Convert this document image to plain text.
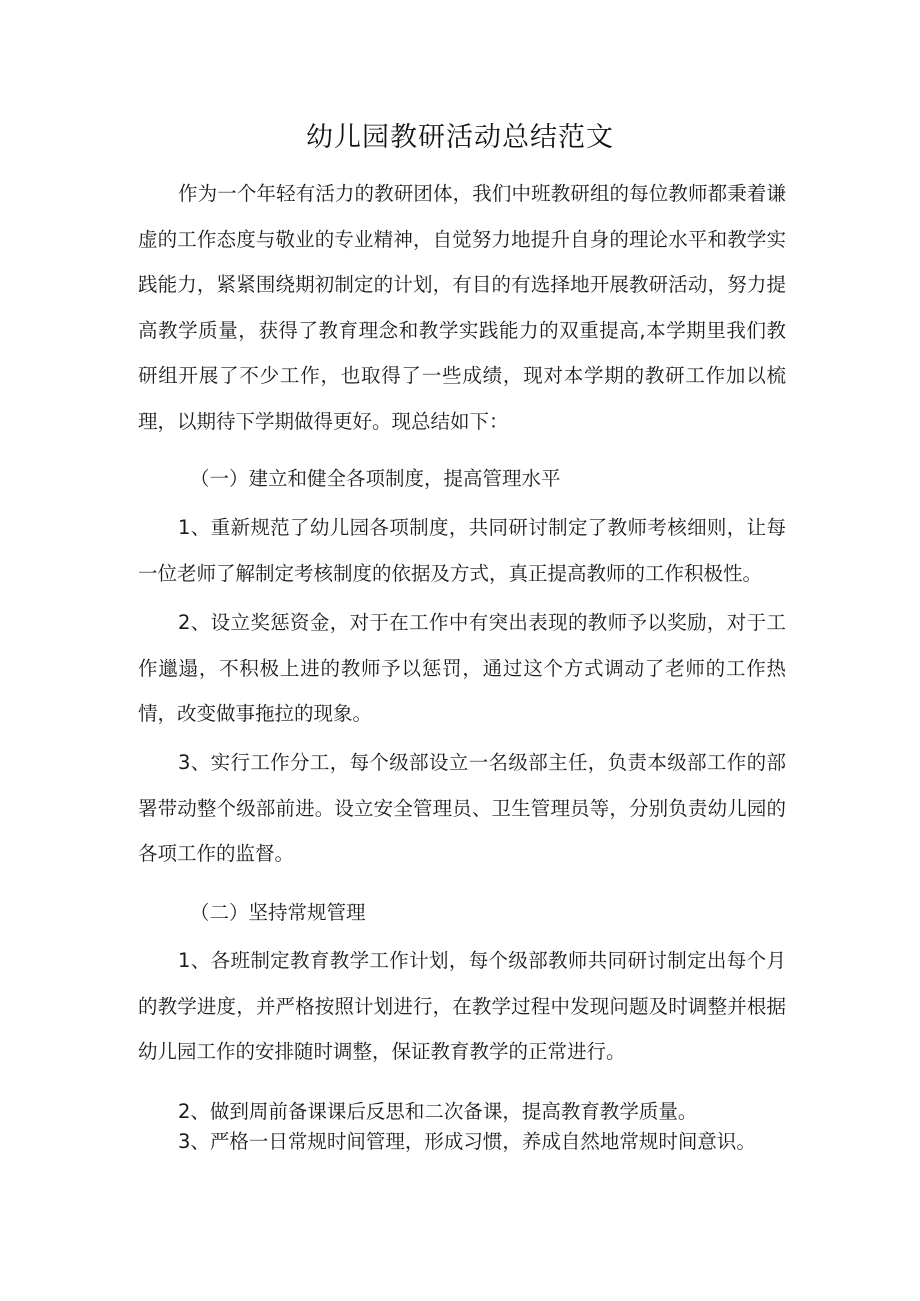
幼儿园教研活动总结范文

作为一个年轻有活力的教研团体，我们中班教研组的每位教师都秉着谦虚的工作态度与敬业的专业精神，自觉努力地提升自身的理论水平和教学实践能力，紧紧围绕期初制定的计划，有目的有选择地开展教研活动，努力提高教学质量，获得了教育理念和教学实践能力的双重提高,本学期里我们教研组开展了不少工作，也取得了一些成绩，现对本学期的教研工作加以梳理，以期待下学期做得更好。现总结如下：

（一）建立和健全各项制度，提高管理水平

1、重新规范了幼儿园各项制度，共同研讨制定了教师考核细则，让每一位老师了解制定考核制度的依据及方式，真正提高教师的工作积极性。

2、设立奖惩资金，对于在工作中有突出表现的教师予以奖励，对于工作邋遢，不积极上进的教师予以惩罚，通过这个方式调动了老师的工作热情，改变做事拖拉的现象。

3、实行工作分工，每个级部设立一名级部主任，负责本级部工作的部署带动整个级部前进。设立安全管理员、卫生管理员等，分别负责幼儿园的各项工作的监督。

（二）坚持常规管理

1、各班制定教育教学工作计划，每个级部教师共同研讨制定出每个月的教学进度，并严格按照计划进行，在教学过程中发现问题及时调整并根据幼儿园工作的安排随时调整，保证教育教学的正常进行。

2、做到周前备课课后反思和二次备课，提高教育教学质量。

3、严格一日常规时间管理，形成习惯，养成自然地常规时间意识。
